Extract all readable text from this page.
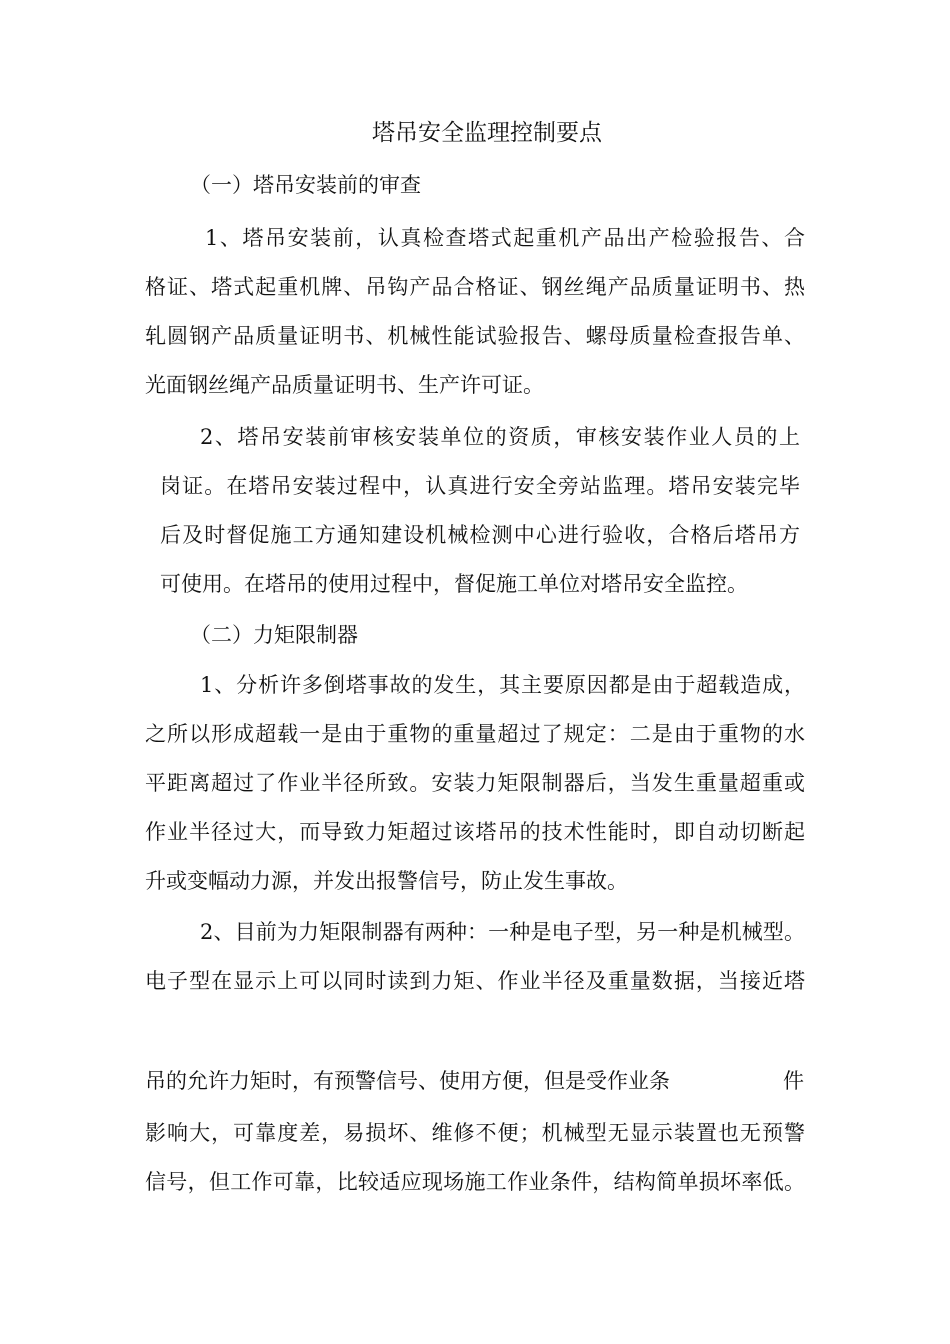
塔吊安全监理控制要点
（一）塔吊安装前的审查
1、塔吊安装前，认真检查塔式起重机产品出产检验报告、合
格证、塔式起重机牌、吊钩产品合格证、钢丝绳产品质量证明书、热
轧圆钢产品质量证明书、机械性能试验报告、螺母质量检查报告单、
光面钢丝绳产品质量证明书、生产许可证。
2、塔吊安装前审核安装单位的资质，审核安装作业人员的上
岗证。在塔吊安装过程中，认真进行安全旁站监理。塔吊安装完毕
后及时督促施工方通知建设机械检测中心进行验收，合格后塔吊方
可使用。在塔吊的使用过程中，督促施工单位对塔吊安全监控。
（二）力矩限制器
1、分析许多倒塔事故的发生，其主要原因都是由于超载造成，
之所以形成超载一是由于重物的重量超过了规定：二是由于重物的水
平距离超过了作业半径所致。安装力矩限制器后，当发生重量超重或
作业半径过大，而导致力矩超过该塔吊的技术性能时，即自动切断起
升或变幅动力源，并发出报警信号，防止发生事故。
2、目前为力矩限制器有两种：一种是电子型，另一种是机械型。
电子型在显示上可以同时读到力矩、作业半径及重量数据，当接近塔
吊的允许力矩时，有预警信号、使用方便，但是受作业条	件
影响大，可靠度差，易损坏、维修不便；机械型无显示装置也无预警
信号，但工作可靠，比较适应现场施工作业条件，结构简单损坏率低。
